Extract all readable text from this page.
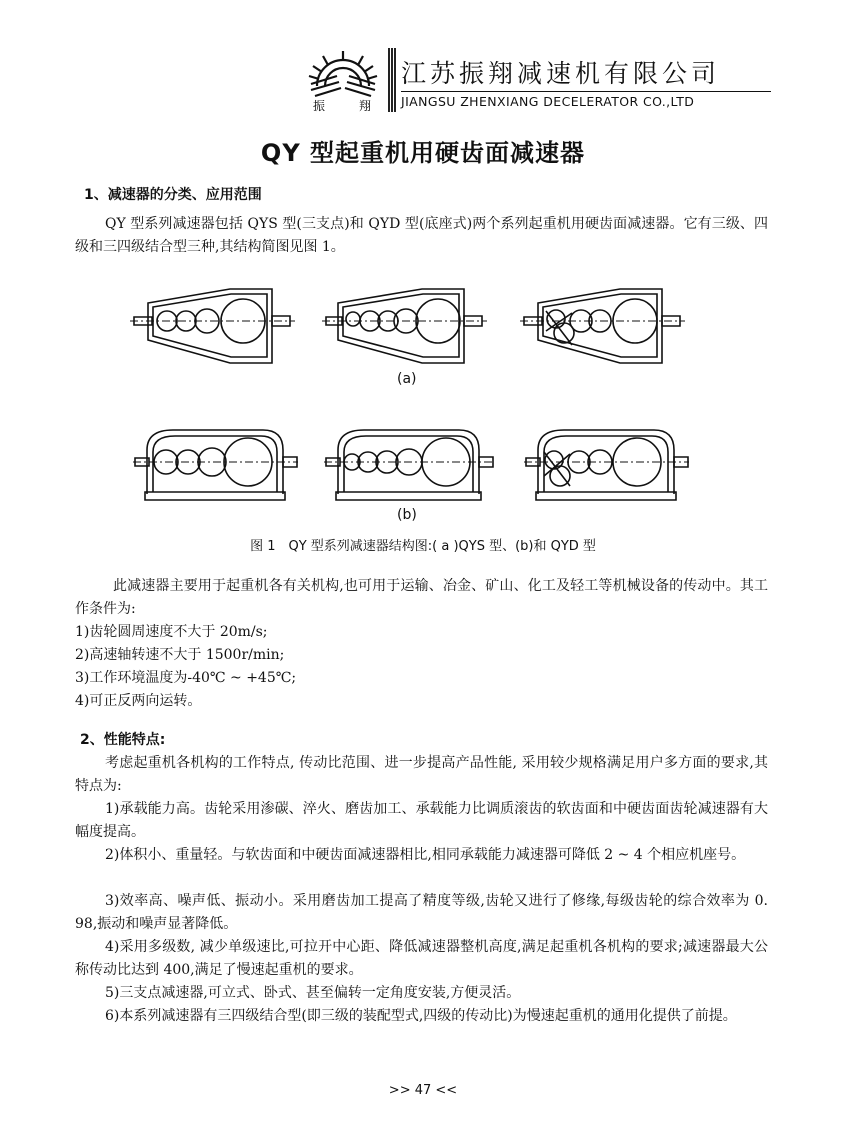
振	翔
江苏振翔减速机有限公司
JIANGSU ZHENXIANG DECELERATOR CO.,LTD
QY 型起重机用硬齿面减速器
1、减速器的分类、应用范围

QY 型系列减速器包括 QYS 型(三支点)和 QYD 型(底座式)两个系列起重机用硬齿面减速器。它有三级、四级和三四级结合型三种,其结构简图见图 1。

(a)
(b)
图 1　QY 型系列减速器结构图:( a )QYS 型、(b)和 QYD 型

此减速器主要用于起重机各有关机构,也可用于运输、冶金、矿山、化工及轻工等机械设备的传动中。其工作条件为:

1)齿轮圆周速度不大于 20m/s;

2)高速轴转速不大于 1500r/min;

3)工作环境温度为-40℃ ~ +45℃;

4)可正反两向运转。

2、性能特点:

考虑起重机各机构的工作特点, 传动比范围、进一步提高产品性能, 采用较少规格满足用户多方面的要求,其特点为:

1)承载能力高。齿轮采用渗碳、淬火、磨齿加工、承载能力比调质滚齿的软齿面和中硬齿面齿轮减速器有大幅度提高。

2)体积小、重量轻。与软齿面和中硬齿面减速器相比,相同承载能力减速器可降低 2 ~ 4 个相应机座号。

3)效率高、噪声低、振动小。采用磨齿加工提高了精度等级,齿轮又进行了修缘,每级齿轮的综合效率为 0. 98,振动和噪声显著降低。

4)采用多级数, 减少单级速比,可拉开中心距、降低减速器整机高度,满足起重机各机构的要求;减速器最大公称传动比达到 400,满足了慢速起重机的要求。

5)三支点减速器,可立式、卧式、甚至偏转一定角度安装,方便灵活。

6)本系列减速器有三四级结合型(即三级的装配型式,四级的传动比)为慢速起重机的通用化提供了前提。

>> 47 <<
